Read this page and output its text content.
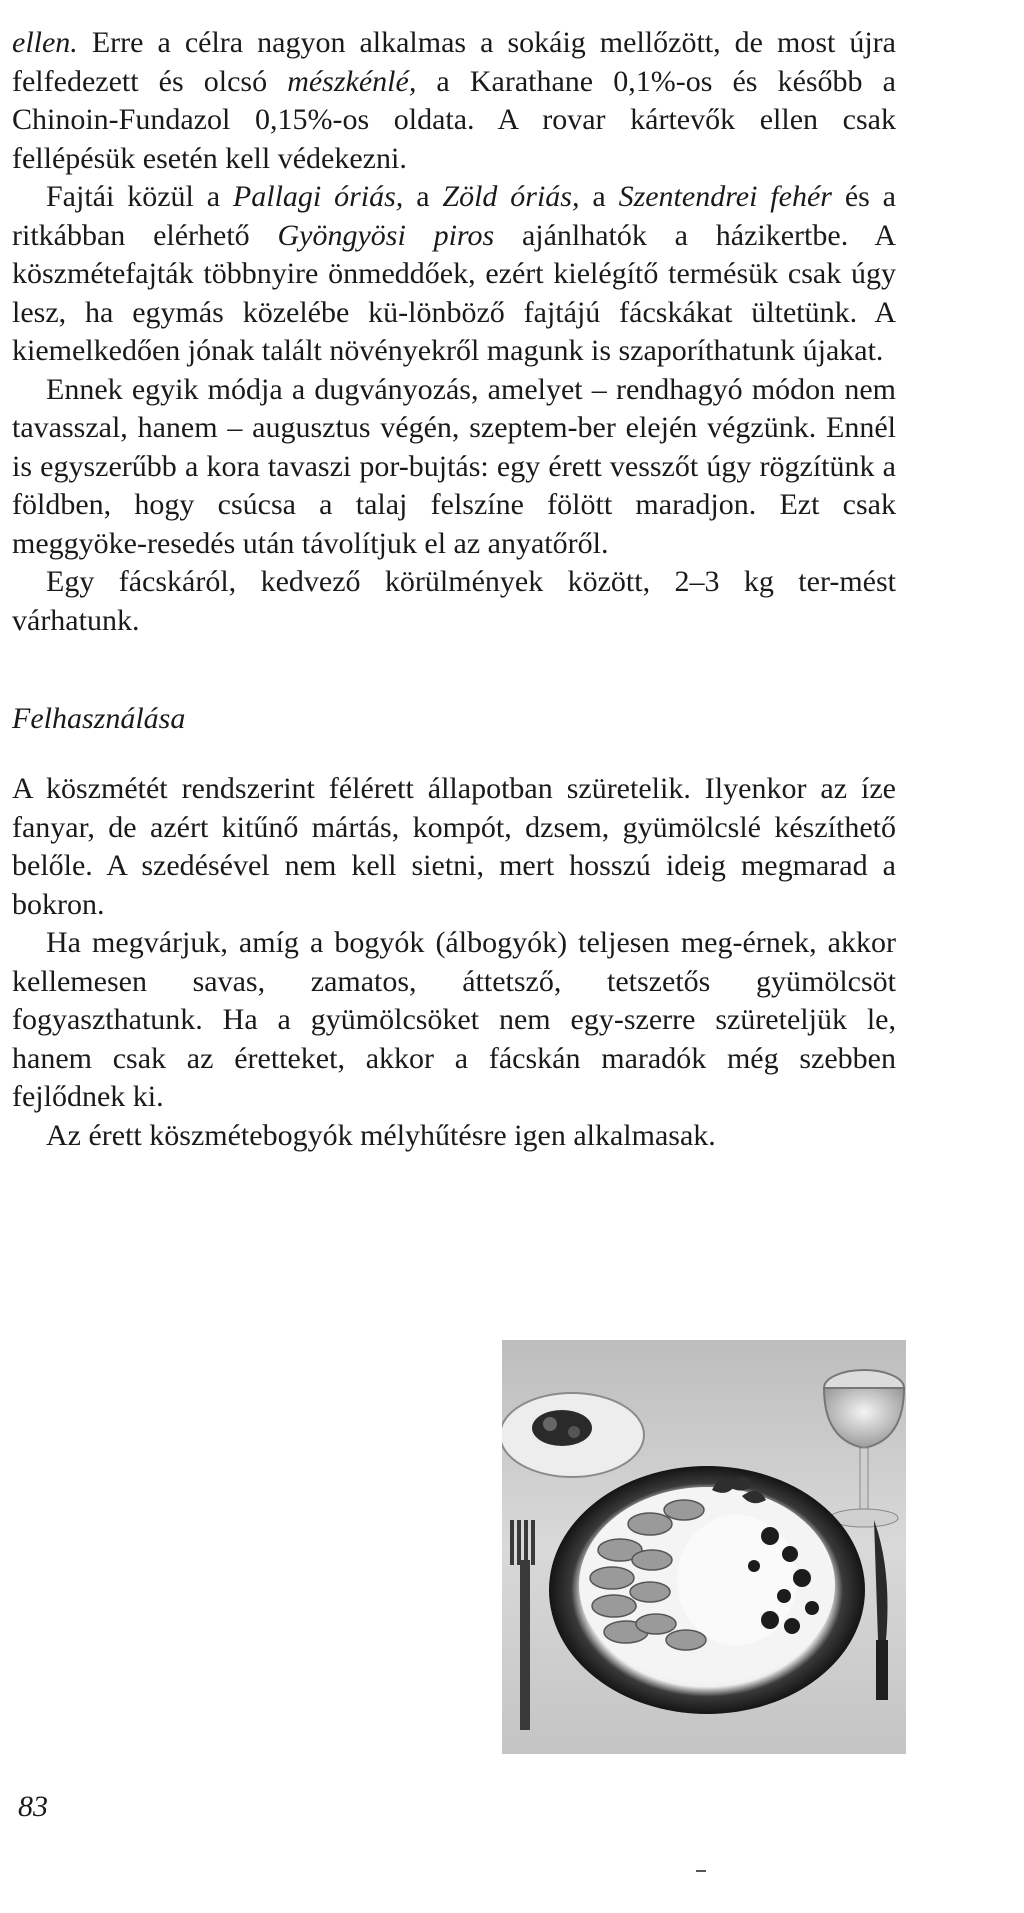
ellen. Erre a célra nagyon alkalmas a sokáig mellőzött, de most újra felfedezett és olcsó mészkénlé, a Karathane 0,1%-os és később a Chinoin-Fundazol 0,15%-os oldata. A rovar kártevők ellen csak fellépésük esetén kell védekezni.

Fajtái közül a Pallagi óriás, a Zöld óriás, a Szentendrei fehér és a ritkábban elérhető Gyöngyösi piros ajánlhatók a házikertbe. A köszmétefajták többnyire önmeddőek, ezért kielégítő termésük csak úgy lesz, ha egymás közelébe kü-lönböző fajtájú fácskákat ültetünk. A kiemelkedően jónak talált növényekről magunk is szaporíthatunk újakat.

Ennek egyik módja a dugványozás, amelyet – rendhagyó módon nem tavasszal, hanem – augusztus végén, szeptem-ber elején végzünk. Ennél is egyszerűbb a kora tavaszi por-bujtás: egy érett vesszőt úgy rögzítünk a földben, hogy csúcsa a talaj felszíne fölött maradjon. Ezt csak meggyöke-resedés után távolítjuk el az anyatőről.

Egy fácskáról, kedvező körülmények között, 2–3 kg ter-mést várhatunk.

Felhasználása

A köszmétét rendszerint félérett állapotban szüretelik. Ilyenkor az íze fanyar, de azért kitűnő mártás, kompót, dzsem, gyümölcslé készíthető belőle. A szedésével nem kell sietni, mert hosszú ideig megmarad a bokron.

Ha megvárjuk, amíg a bogyók (álbogyók) teljesen meg-érnek, akkor kellemesen savas, zamatos, áttetsző, tetszetős gyümölcsöt fogyaszthatunk. Ha a gyümölcsöket nem egy-szerre szüreteljük le, hanem csak az éretteket, akkor a fácskán maradók még szebben fejlődnek ki.

Az érett köszmétebogyók mélyhűtésre igen alkalmasak.

83
